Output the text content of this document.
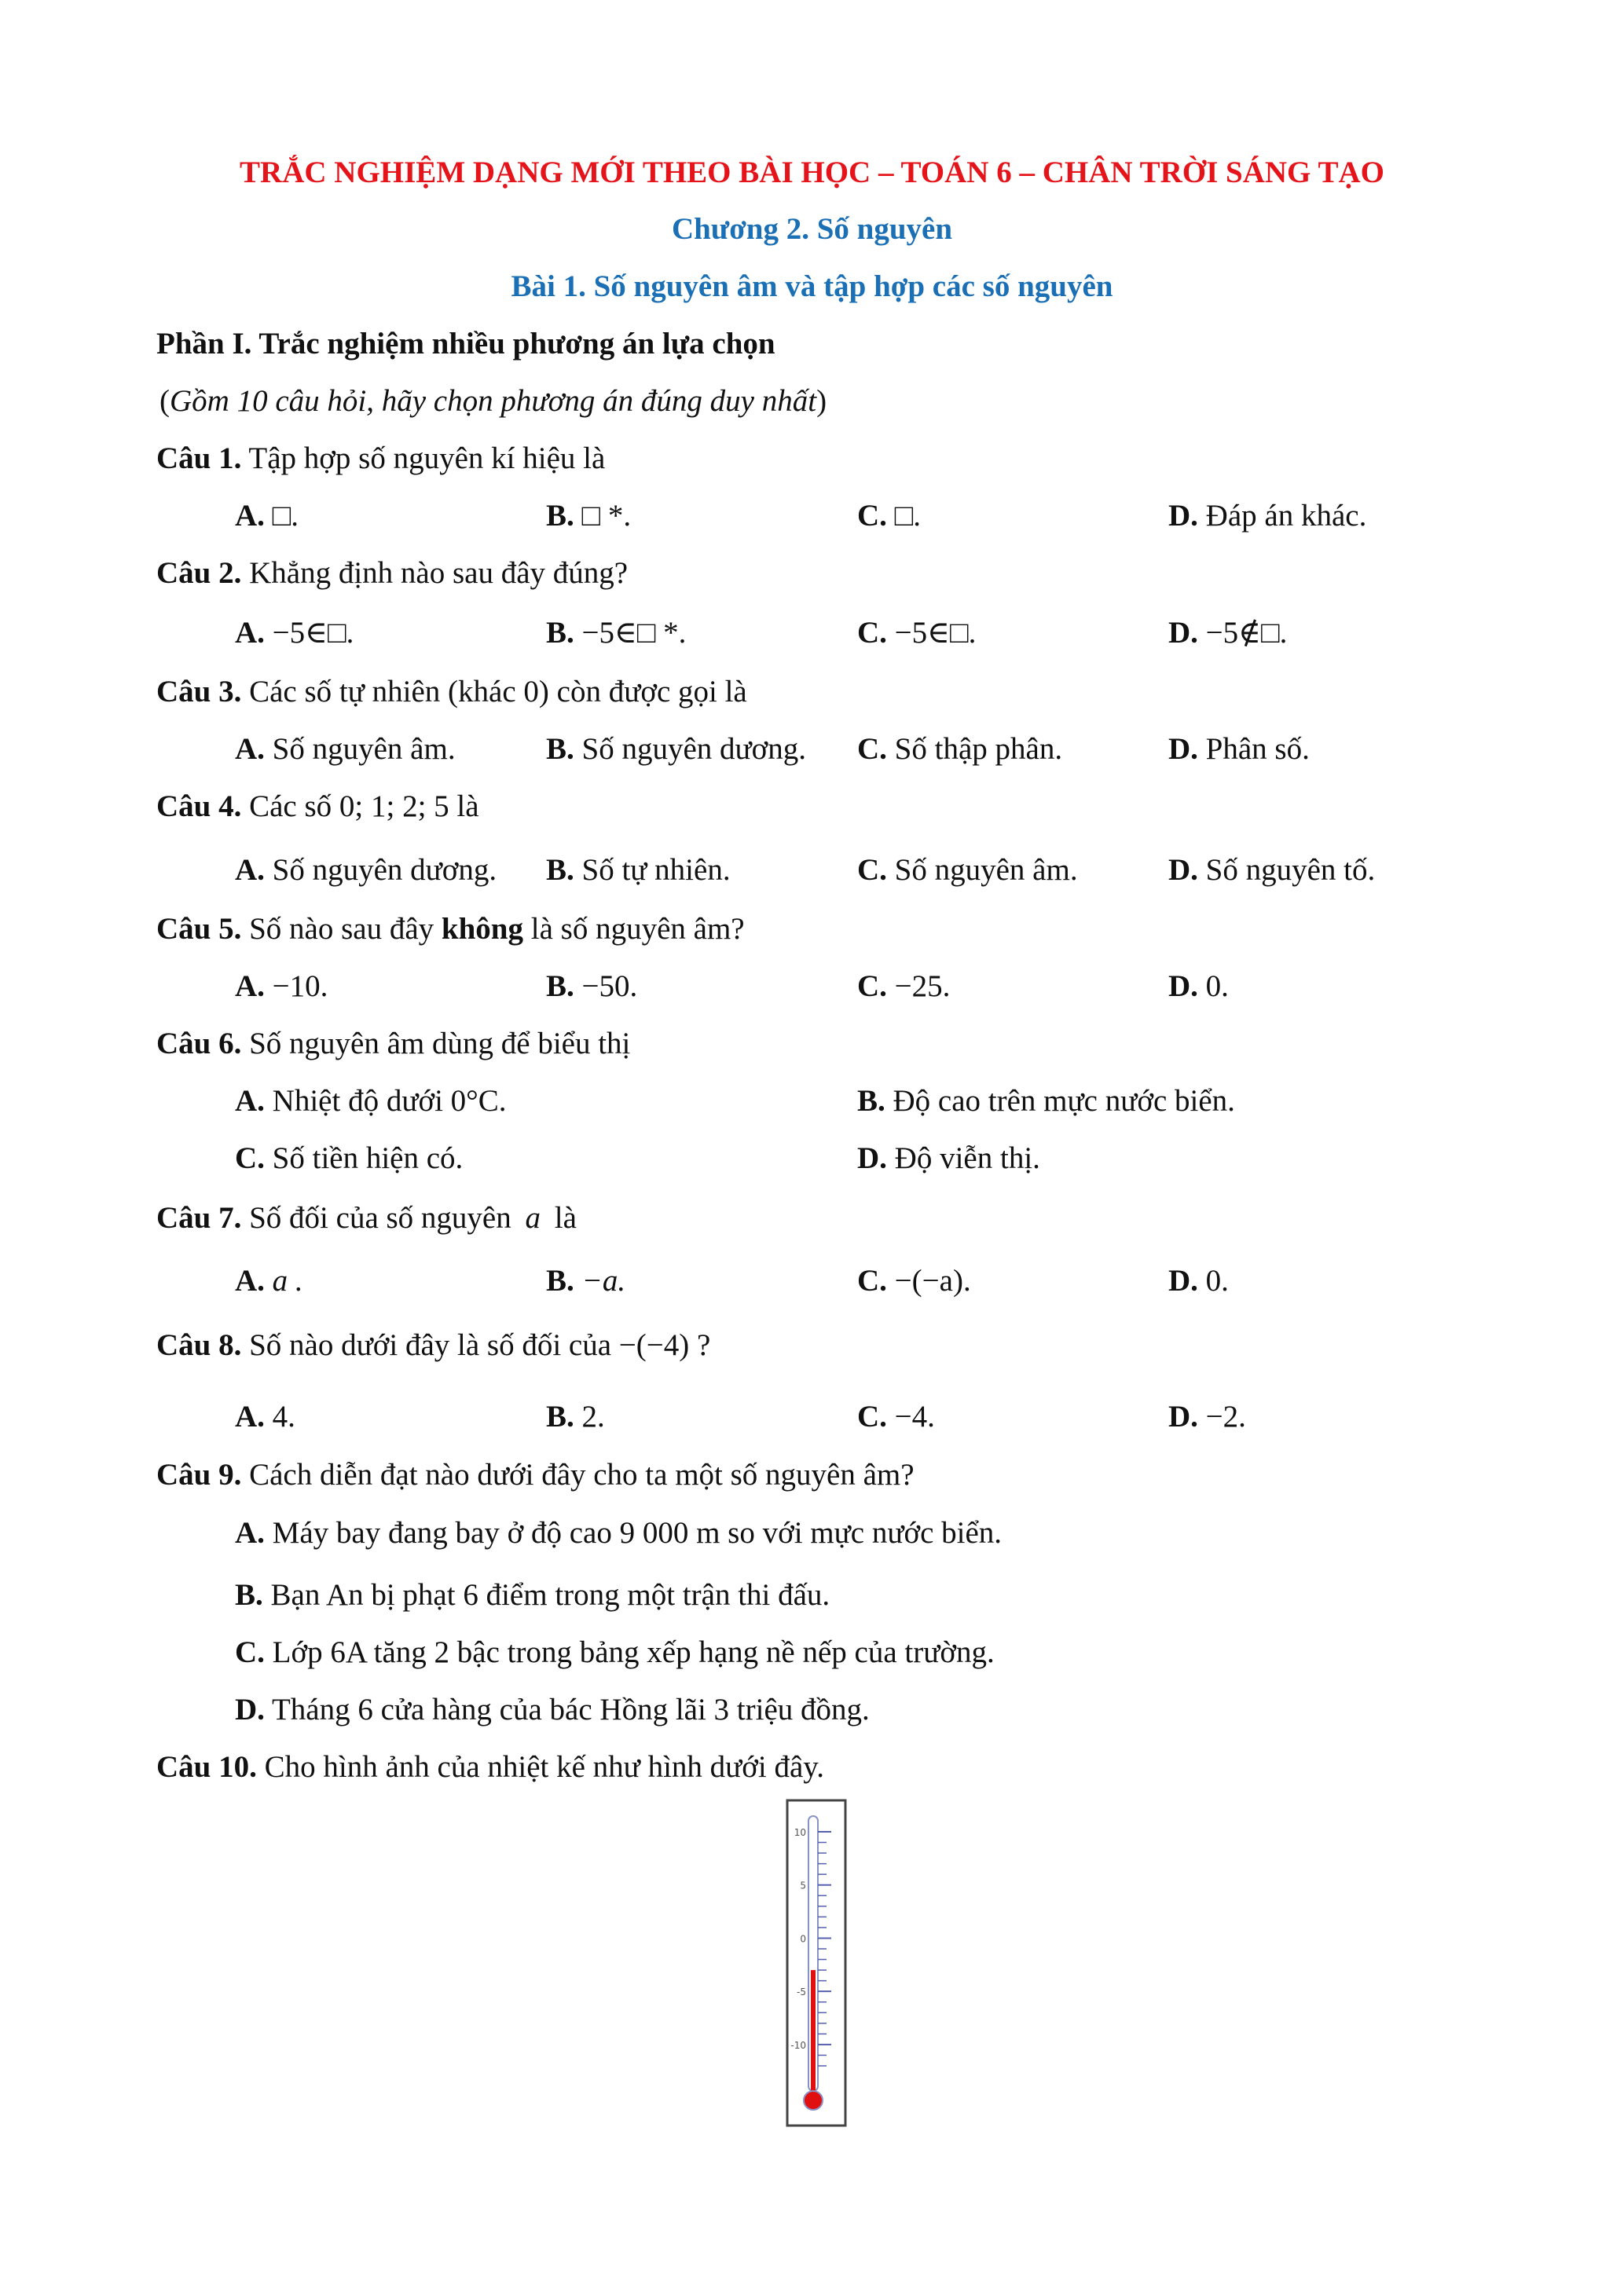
TRẮC NGHIỆM DẠNG MỚI THEO BÀI HỌC – TOÁN 6 – CHÂN TRỜI SÁNG TẠO
Chương 2. Số nguyên
Bài 1. Số nguyên âm và tập hợp các số nguyên
Phần I. Trắc nghiệm nhiều phương án lựa chọn
(Gồm 10 câu hỏi, hãy chọn phương án đúng duy nhất)
Câu 1. Tập hợp số nguyên kí hiệu là
A. □.	B. □ *.	C. □.	D. Đáp án khác.
Câu 2. Khẳng định nào sau đây đúng?
A. −5∈□.	B. −5∈□ *.	C. −5∈□.	D. −5∉□.
Câu 3. Các số tự nhiên (khác 0) còn được gọi là
A. Số nguyên âm.	B. Số nguyên dương. C. Số thập phân.	D. Phân số.
Câu 4. Các số 0; 1; 2; 5 là
A. Số nguyên dương. B. Số tự nhiên.	C. Số nguyên âm.	D. Số nguyên tố.
Câu 5. Số nào sau đây không là số nguyên âm?
A. −10.	B. −50.	C. −25.	D. 0.
Câu 6. Số nguyên âm dùng để biểu thị
A. Nhiệt độ dưới 0°C.	B. Độ cao trên mực nước biển.
C. Số tiền hiện có.	D. Độ viễn thị.
Câu 7. Số đối của số nguyên a là
A. a .	B. −a.	C. −(−a).	D. 0.
Câu 8. Số nào dưới đây là số đối của −(−4) ?
A. 4.	B. 2.	C. −4.	D. −2.
Câu 9. Cách diễn đạt nào dưới đây cho ta một số nguyên âm?
A. Máy bay đang bay ở độ cao 9 000 m so với mực nước biển.
B. Bạn An bị phạt 6 điểm trong một trận thi đấu.
C. Lớp 6A tăng 2 bậc trong bảng xếp hạng nề nếp của trường.
D. Tháng 6 cửa hàng của bác Hồng lãi 3 triệu đồng.
Câu 10. Cho hình ảnh của nhiệt kế như hình dưới đây.
10
5
0
-5
-10
